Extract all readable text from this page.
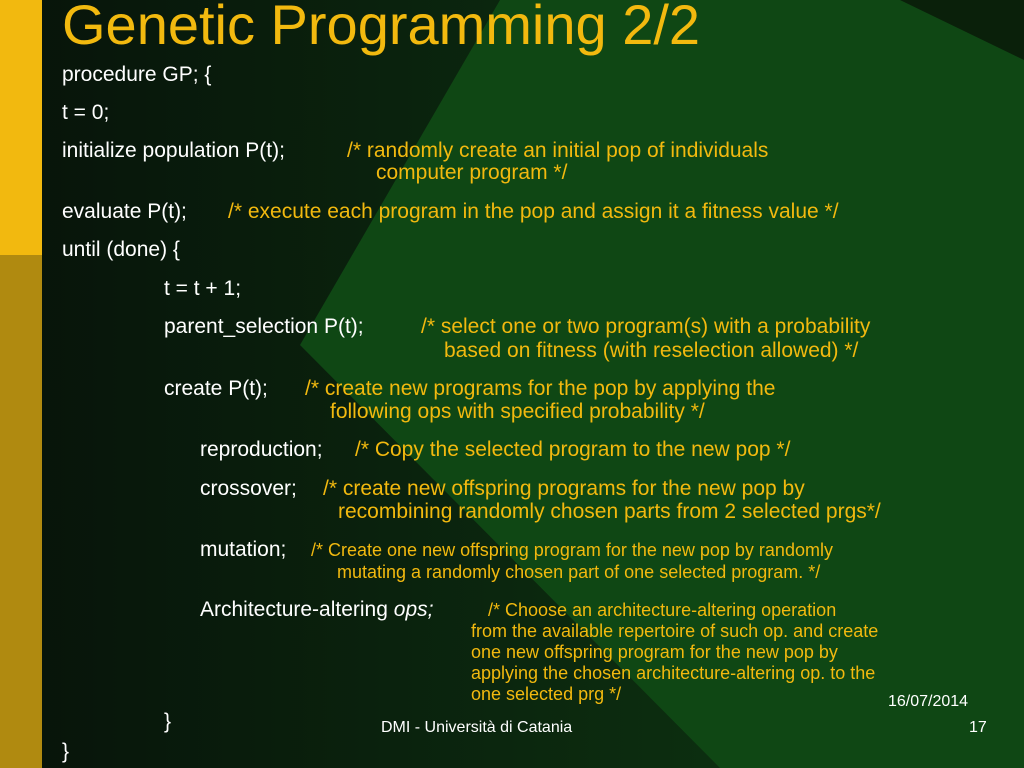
Genetic Programming 2/2
procedure GP; {
t = 0;
initialize population P(t);	/* randomly create an initial pop of individuals
computer program */
evaluate P(t); /* execute each program in the pop and assign it a fitness value */
until (done) {
t = t + 1;
parent_selection P(t);	/* select one or two program(s) with a probability
based on fitness (with reselection allowed) */
create P(t); /* create new programs for the pop by applying the
following ops with specified probability */
reproduction; /* Copy the selected program to the new pop */
crossover; /* create new offspring programs for the new pop by
recombining randomly chosen parts from 2 selected prgs*/
mutation; /* Create one new offspring program for the new pop by randomly
mutating a randomly chosen part of one selected program. */
Architecture-altering ops;	/* Choose an architecture-altering operation
from the available repertoire of such op. and create
one new offspring program for the new pop by
applying the chosen architecture-altering op. to the
one selected prg */
}
}
16/07/2014
DMI - Università di Catania	17
